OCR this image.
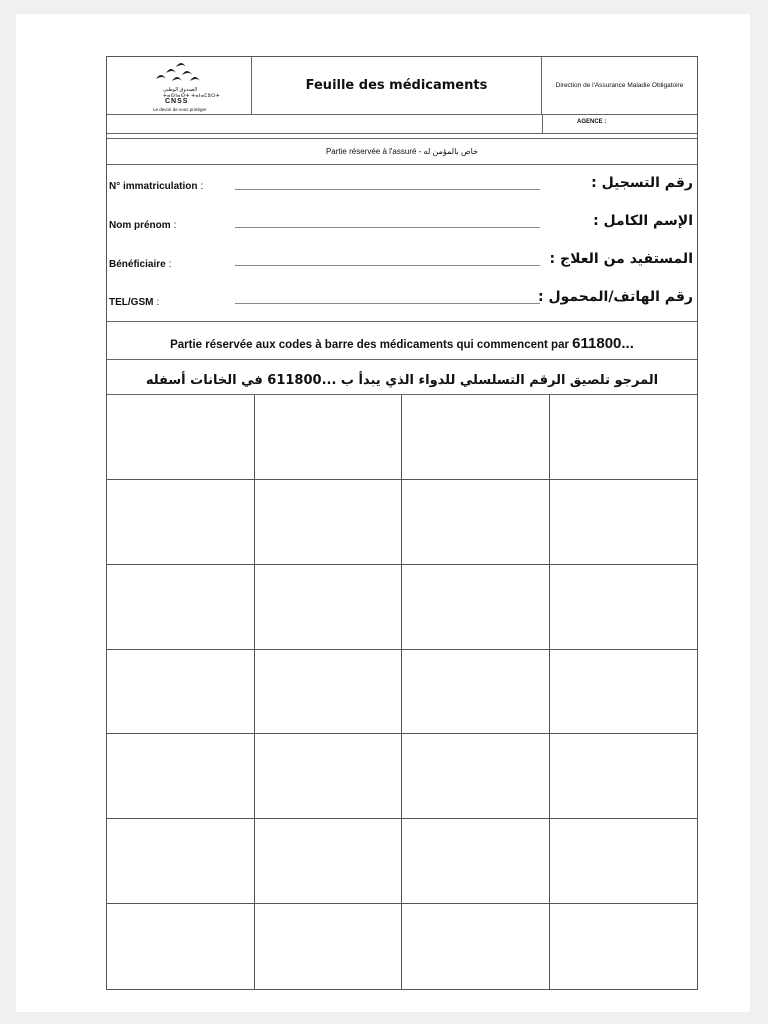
الصندوق الوطني
ⵜⴰⵙⵏⴰⵙⵜ ⵜⴰⵏⴰⵎⵓⵔⵜ
CNSS
Le devoir de vous protéger
Feuille des médicaments	Direction de l'Assurance Maladie Obligatoire
AGENCE :
Partie réservée à l'assuré - خاص بالمؤمن له
N° immatriculation :	رقم التسجيل :
Nom prénom :	الإسم الكامل :
Bénéficiaire :	المستفيد من العلاج :
TEL/GSM :	رقم الهاتف/المحمول :
Partie réservée aux codes à barre des médicaments qui commencent par 611800...
المرجو تلصيق الرقم التسلسلي للدواء الذي يبدأ ب ...611800 في الخانات أسفله
